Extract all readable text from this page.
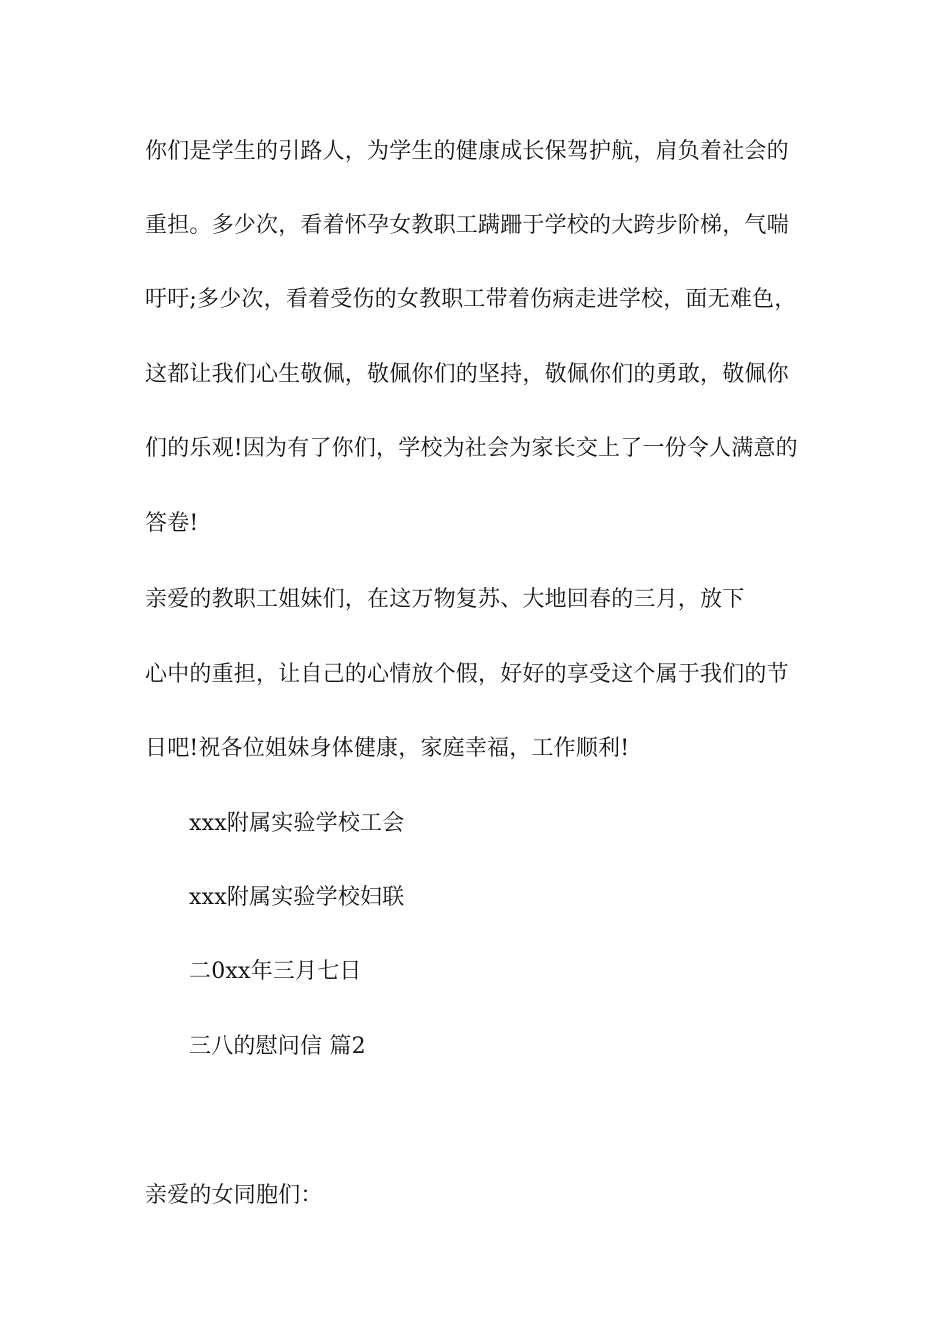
你们是学生的引路人，为学生的健康成长保驾护航，肩负着社会的
重担。多少次，看着怀孕女教职工蹒跚于学校的大跨步阶梯，气喘
吁吁;多少次，看着受伤的女教职工带着伤病走进学校，面无难色，
这都让我们心生敬佩，敬佩你们的坚持，敬佩你们的勇敢，敬佩你
们的乐观!因为有了你们，学校为社会为家长交上了一份令人满意的
答卷!
亲爱的教职工姐妹们，在这万物复苏、大地回春的三月，放下
心中的重担，让自己的心情放个假，好好的享受这个属于我们的节
日吧!祝各位姐妹身体健康，家庭幸福，工作顺利!
xxx附属实验学校工会
xxx附属实验学校妇联
二0xx年三月七日
三八的慰问信 篇2
亲爱的女同胞们：
